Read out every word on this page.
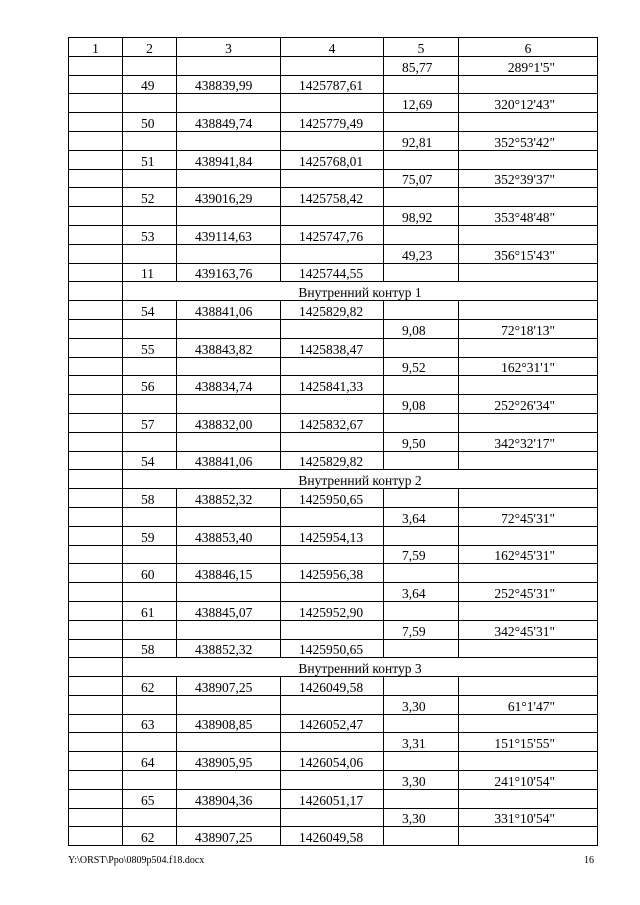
1	2	3	4	5	6
				85,77	289°1'5"
	49	438839,99	1425787,61		
				12,69	320°12'43"
	50	438849,74	1425779,49		
				92,81	352°53'42"
	51	438941,84	1425768,01		
				75,07	352°39'37"
	52	439016,29	1425758,42		
				98,92	353°48'48"
	53	439114,63	1425747,76		
				49,23	356°15'43"
	11	439163,76	1425744,55		
	Внутренний контур 1				
	54	438841,06	1425829,82		
				9,08	72°18'13"
	55	438843,82	1425838,47		
				9,52	162°31'1"
	56	438834,74	1425841,33		
				9,08	252°26'34"
	57	438832,00	1425832,67		
				9,50	342°32'17"
	54	438841,06	1425829,82		
	Внутренний контур 2				
	58	438852,32	1425950,65		
				3,64	72°45'31"
	59	438853,40	1425954,13		
				7,59	162°45'31"
	60	438846,15	1425956,38		
				3,64	252°45'31"
	61	438845,07	1425952,90		
				7,59	342°45'31"
	58	438852,32	1425950,65		
	Внутренний контур 3				
	62	438907,25	1426049,58		
				3,30	61°1'47"
	63	438908,85	1426052,47		
				3,31	151°15'55"
	64	438905,95	1426054,06		
				3,30	241°10'54"
	65	438904,36	1426051,17		
				3,30	331°10'54"
	62	438907,25	1426049,58		
Y:\ORST\Ppo\0809p504.f18.docx	16
